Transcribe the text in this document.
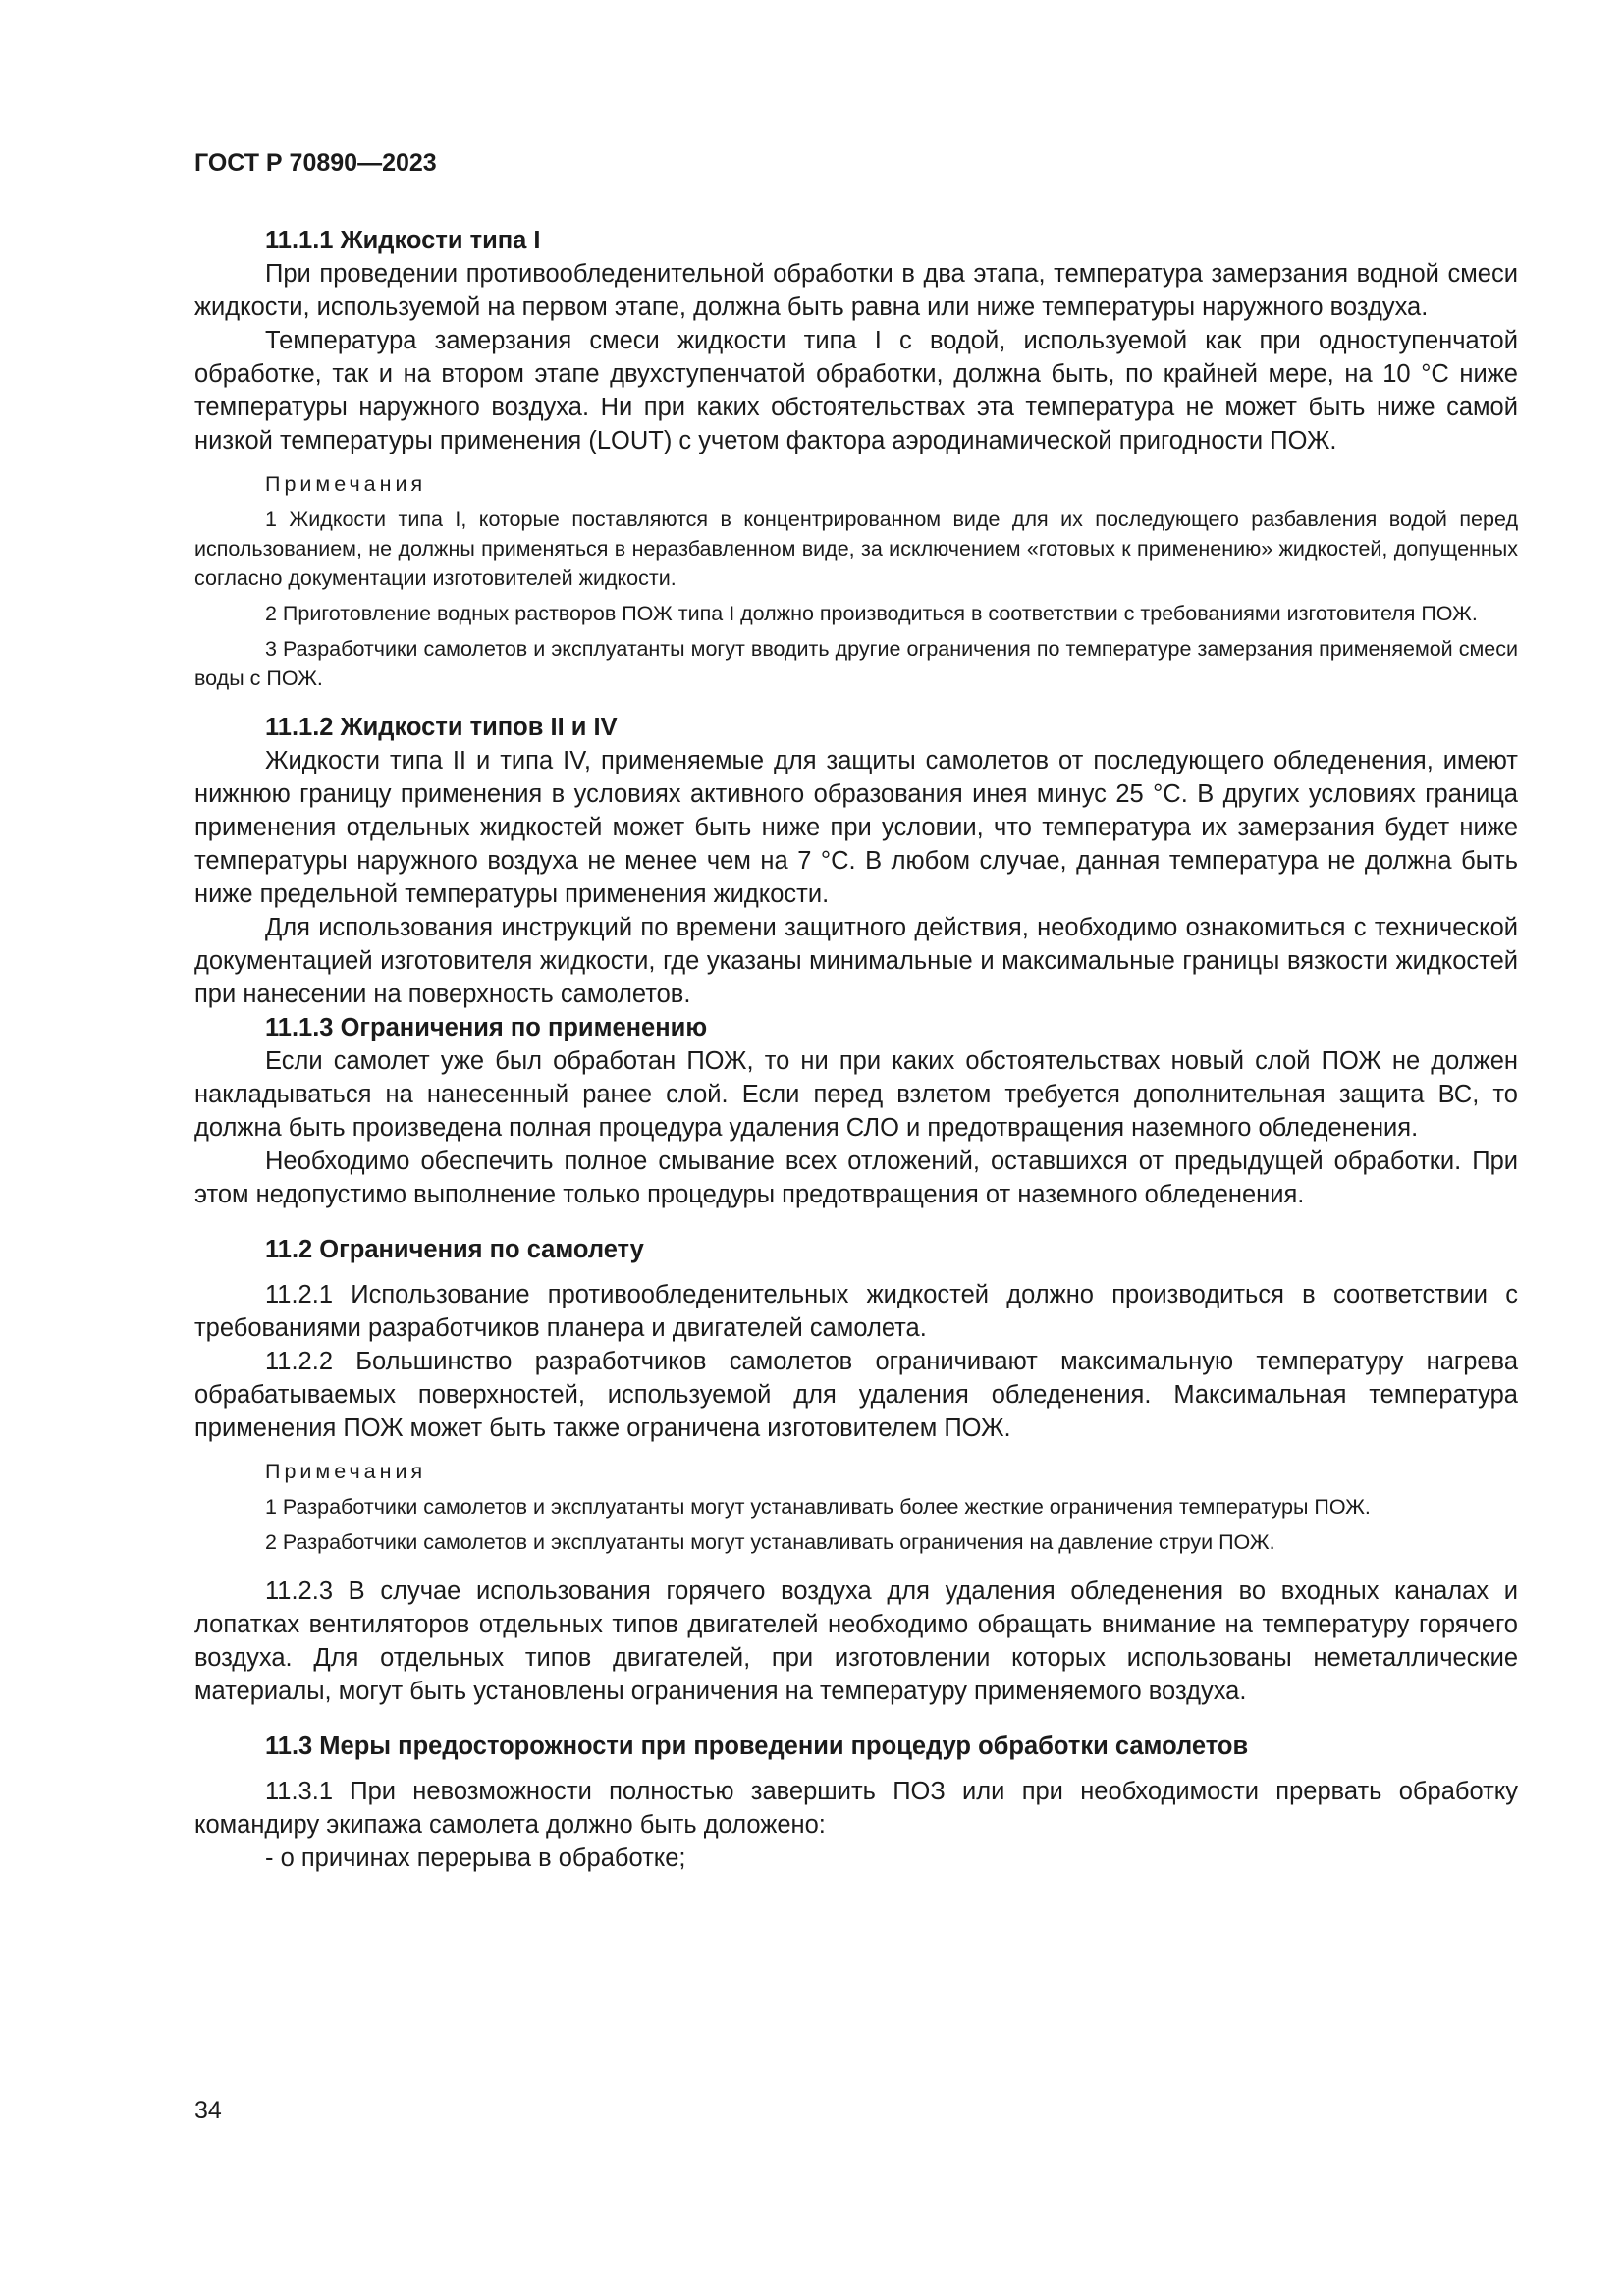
ГОСТ Р 70890—2023
11.1.1 Жидкости типа I

При проведении противообледенительной обработки в два этапа, температура замерзания водной смеси жидкости, используемой на первом этапе, должна быть равна или ниже температуры наружного воздуха.

Температура замерзания смеси жидкости типа I с водой, используемой как при одноступенчатой обработке, так и на втором этапе двухступенчатой обработки, должна быть, по крайней мере, на 10 °С ниже температуры наружного воздуха. Ни при каких обстоятельствах эта температура не может быть ниже самой низкой температуры применения (LOUT) с учетом фактора аэродинамической пригодности ПОЖ.

Примечания
1 Жидкости типа I, которые поставляются в концентрированном виде для их последующего разбавления водой перед использованием, не должны применяться в неразбавленном виде, за исключением «готовых к применению» жидкостей, допущенных согласно документации изготовителей жидкости.
2 Приготовление водных растворов ПОЖ типа I должно производиться в соответствии с требованиями изготовителя ПОЖ.
3 Разработчики самолетов и эксплуатанты могут вводить другие ограничения по температуре замерзания применяемой смеси воды с ПОЖ.
11.1.2 Жидкости типов II и IV

Жидкости типа II и типа IV, применяемые для защиты самолетов от последующего обледенения, имеют нижнюю границу применения в условиях активного образования инея минус 25 °С. В других условиях граница применения отдельных жидкостей может быть ниже при условии, что температура их замерзания будет ниже температуры наружного воздуха не менее чем на 7 °С. В любом случае, данная температура не должна быть ниже предельной температуры применения жидкости.

Для использования инструкций по времени защитного действия, необходимо ознакомиться с технической документацией изготовителя жидкости, где указаны минимальные и максимальные границы вязкости жидкостей при нанесении на поверхность самолетов.

11.1.3 Ограничения по применению

Если самолет уже был обработан ПОЖ, то ни при каких обстоятельствах новый слой ПОЖ не должен накладываться на нанесенный ранее слой. Если перед взлетом требуется дополнительная защита ВС, то должна быть произведена полная процедура удаления СЛО и предотвращения наземного обледенения.

Необходимо обеспечить полное смывание всех отложений, оставшихся от предыдущей обработки. При этом недопустимо выполнение только процедуры предотвращения от наземного обледенения.

11.2 Ограничения по самолету

11.2.1 Использование противообледенительных жидкостей должно производиться в соответствии с требованиями разработчиков планера и двигателей самолета.

11.2.2 Большинство разработчиков самолетов ограничивают максимальную температуру нагрева обрабатываемых поверхностей, используемой для удаления обледенения. Максимальная температура применения ПОЖ может быть также ограничена изготовителем ПОЖ.

Примечания
1 Разработчики самолетов и эксплуатанты могут устанавливать более жесткие ограничения температуры ПОЖ.
2 Разработчики самолетов и эксплуатанты могут устанавливать ограничения на давление струи ПОЖ.

11.2.3 В случае использования горячего воздуха для удаления обледенения во входных каналах и лопатках вентиляторов отдельных типов двигателей необходимо обращать внимание на температуру горячего воздуха. Для отдельных типов двигателей, при изготовлении которых использованы неметаллические материалы, могут быть установлены ограничения на температуру применяемого воздуха.

11.3 Меры предосторожности при проведении процедур обработки самолетов

11.3.1 При невозможности полностью завершить ПОЗ или при необходимости прервать обработку командиру экипажа самолета должно быть доложено:

- о причинах перерыва в обработке;
34
